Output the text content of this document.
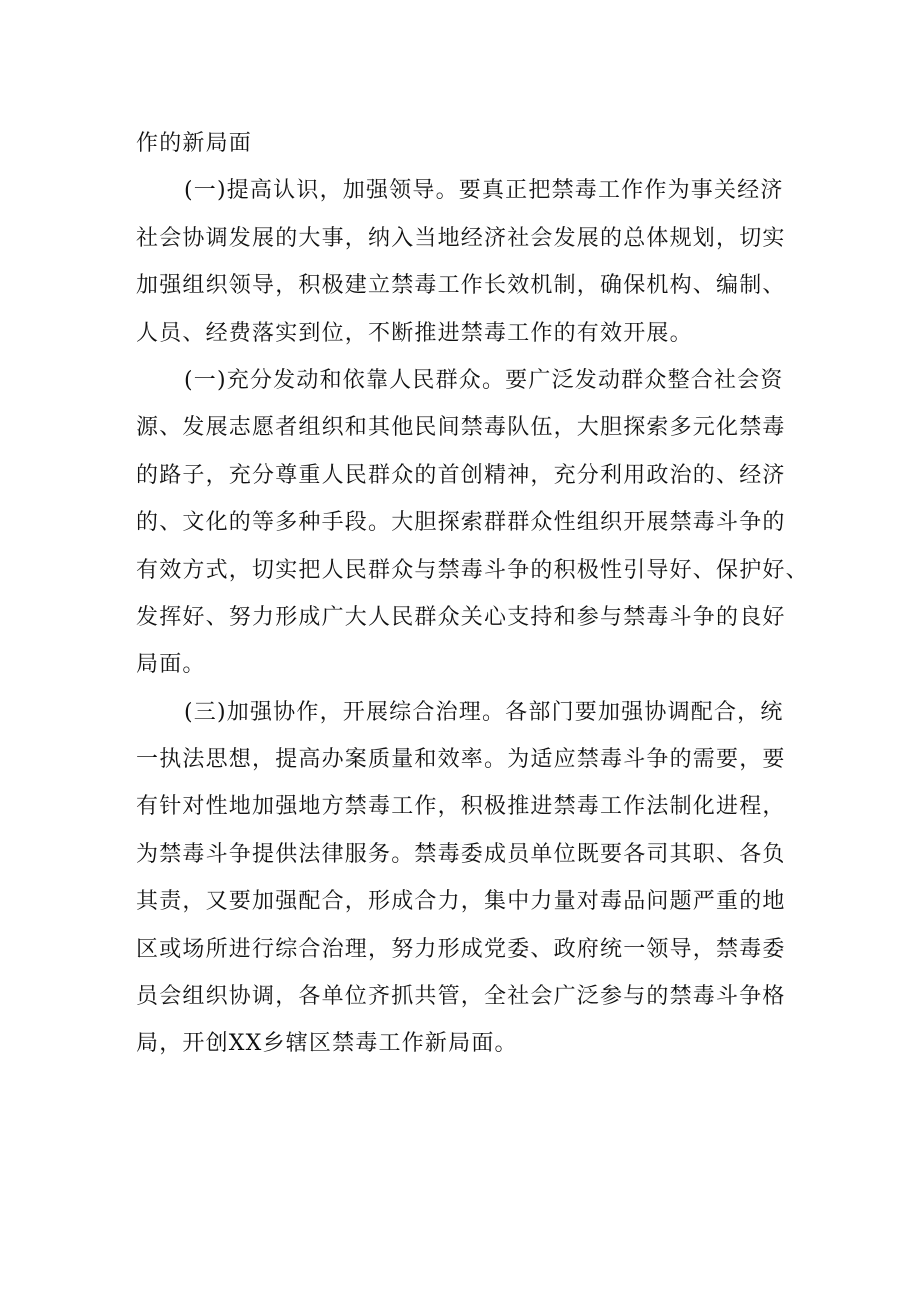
作的新局面
(一)提高认识，加强领导。要真正把禁毒工作作为事关经济
社会协调发展的大事，纳入当地经济社会发展的总体规划，切实
加强组织领导，积极建立禁毒工作长效机制，确保机构、编制、
人员、经费落实到位，不断推进禁毒工作的有效开展。
(一)充分发动和依靠人民群众。要广泛发动群众整合社会资
源、发展志愿者组织和其他民间禁毒队伍，大胆探索多元化禁毒
的路子，充分尊重人民群众的首创精神，充分利用政治的、经济
的、文化的等多种手段。大胆探索群群众性组织开展禁毒斗争的
有效方式，切实把人民群众与禁毒斗争的积极性引导好、保护好、
发挥好、努力形成广大人民群众关心支持和参与禁毒斗争的良好
局面。
(三)加强协作，开展综合治理。各部门要加强协调配合，统
一执法思想，提高办案质量和效率。为适应禁毒斗争的需要，要
有针对性地加强地方禁毒工作，积极推进禁毒工作法制化进程，
为禁毒斗争提供法律服务。禁毒委成员单位既要各司其职、各负
其责，又要加强配合，形成合力，集中力量对毒品问题严重的地
区或场所进行综合治理，努力形成党委、政府统一领导，禁毒委
员会组织协调，各单位齐抓共管，全社会广泛参与的禁毒斗争格
局，开创XX乡辖区禁毒工作新局面。
